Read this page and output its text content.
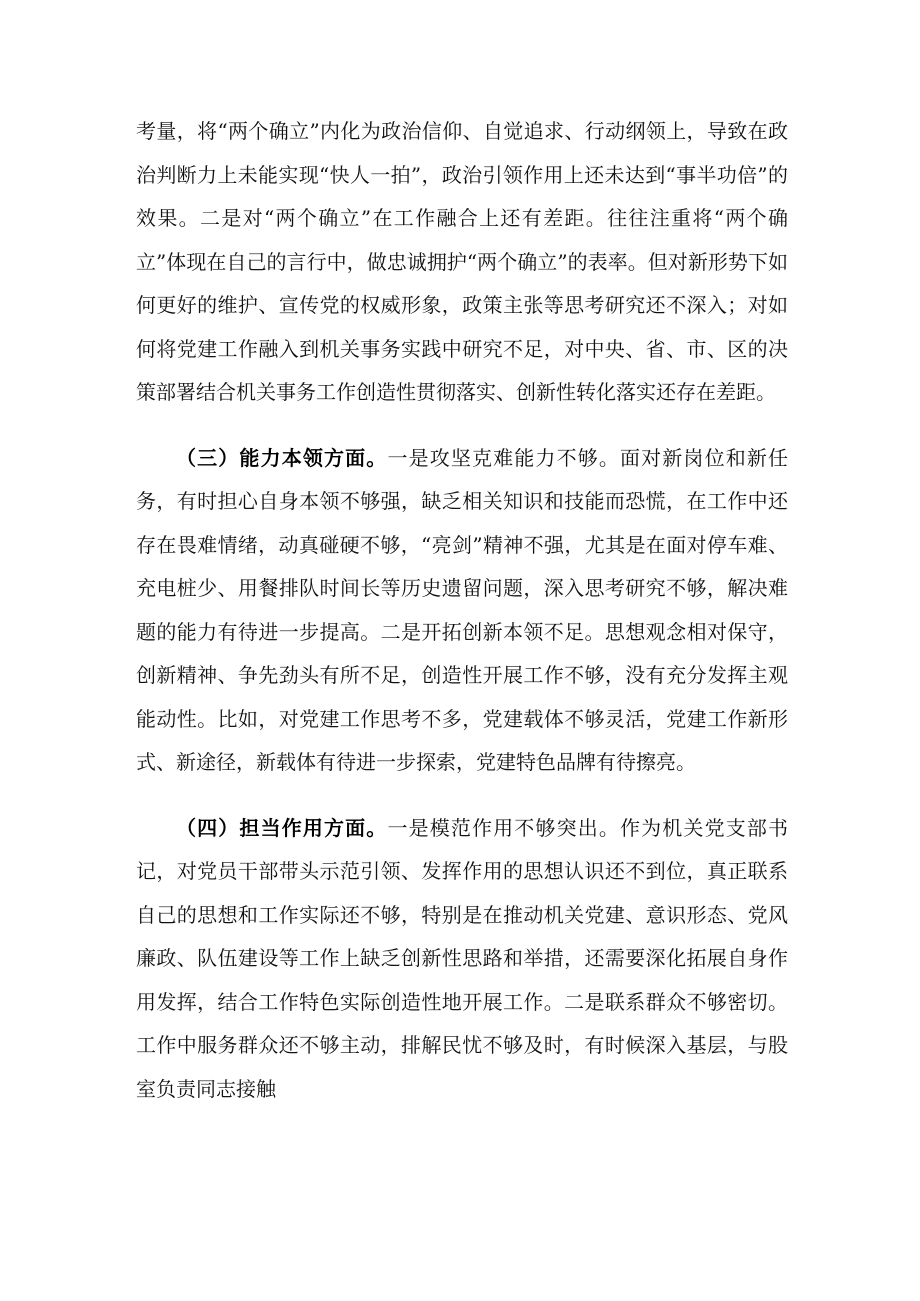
考量，将“两个确立”内化为政治信仰、自觉追求、行动纲领上，导致在政治判断力上未能实现“快人一拍”，政治引领作用上还未达到“事半功倍”的效果。二是对“两个确立”在工作融合上还有差距。往往注重将“两个确立”体现在自己的言行中，做忠诚拥护“两个确立”的表率。但对新形势下如何更好的维护、宣传党的权威形象，政策主张等思考研究还不深入；对如何将党建工作融入到机关事务实践中研究不足，对中央、省、市、区的决策部署结合机关事务工作创造性贯彻落实、创新性转化落实还存在差距。

（三）能力本领方面。一是攻坚克难能力不够。面对新岗位和新任务，有时担心自身本领不够强，缺乏相关知识和技能而恐慌，在工作中还存在畏难情绪，动真碰硬不够，“亮剑”精神不强，尤其是在面对停车难、充电桩少、用餐排队时间长等历史遗留问题，深入思考研究不够，解决难题的能力有待进一步提高。二是开拓创新本领不足。思想观念相对保守，创新精神、争先劲头有所不足，创造性开展工作不够，没有充分发挥主观能动性。比如，对党建工作思考不多，党建载体不够灵活，党建工作新形式、新途径，新载体有待进一步探索，党建特色品牌有待擦亮。

（四）担当作用方面。一是模范作用不够突出。作为机关党支部书记，对党员干部带头示范引领、发挥作用的思想认识还不到位，真正联系自己的思想和工作实际还不够，特别是在推动机关党建、意识形态、党风廉政、队伍建设等工作上缺乏创新性思路和举措，还需要深化拓展自身作用发挥，结合工作特色实际创造性地开展工作。二是联系群众不够密切。工作中服务群众还不够主动，排解民忧不够及时，有时候深入基层，与股室负责同志接触
